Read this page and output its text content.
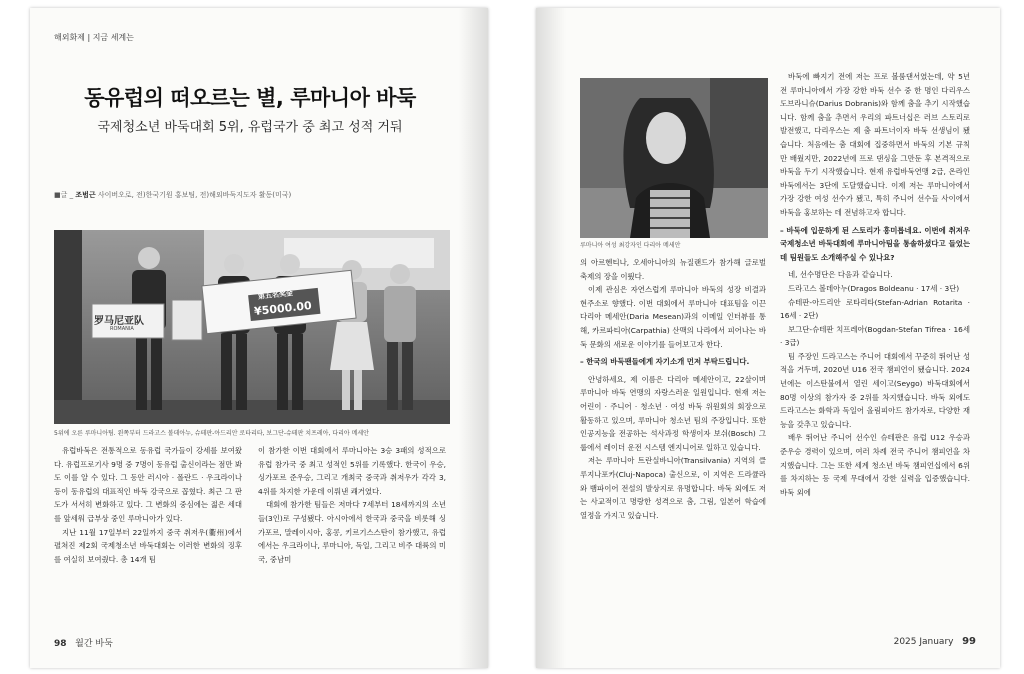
해외화제 | 지금 세계는
동유럽의 떠오르는 별, 루마니아 바둑
국제청소년 바둑대회 5위, 유럽국가 중 최고 성적 거둬
■글 _ 조범근 사이버오로, 전)한국기원 홍보팀, 전)해외바둑지도자 활동(미국)
罗马尼亚队
ROMANIA
第五名奖金
¥5000.00
5위에 오른 루마니아팀. 왼쪽부터 드라고스 볼데아누, 슈테판-아드리안 로타리타, 보그단-슈테판 치프레아, 다리아 메세안

유럽바둑은 전통적으로 동유럽 국가들이 강세를 보여왔다. 유럽프로기사 9명 중 7명이 동유럽 출신이라는 점만 봐도 이를 알 수 있다. 그 동안 러시아 · 폴란드 · 우크라이나 등이 동유럽의 대표적인 바둑 강국으로 꼽혔다. 최근 그 판도가 서서히 변화하고 있다. 그 변화의 중심에는 젊은 세대를 앞세워 급부상 중인 루마니아가 있다.

지난 11월 17일부터 22일까지 중국 취저우(衢州)에서 펼쳐진 제2회 국제청소년 바둑대회는 이러한 변화의 징후를 여실히 보여줬다. 총 14개 팀

이 참가한 이번 대회에서 루마니아는 3승 3패의 성적으로 유럽 참가국 중 최고 성적인 5위를 기록했다. 한국이 우승, 싱가포르 준우승, 그리고 개최국 중국과 취저우가 각각 3, 4위를 차지한 가운데 이뤄낸 쾌거였다.

대회에 참가한 팀들은 저마다 7세부터 18세까지의 소년들(3인)로 구성됐다. 아시아에서 한국과 중국을 비롯해 싱가포르, 말레이시아, 홍콩, 키르기스스탄이 참가했고, 유럽에서는 우크라이나, 루마니아, 독일, 그리고 비주 대륙의 미국, 중남미

98 월간 바둑
루마니아 여성 최강자인 다리아 메세안

의 아르헨티나, 오세아니아의 뉴질랜드가 참가해 글로벌 축제의 장을 이뤘다.

이제 관심은 자연스럽게 루마니아 바둑의 성장 비결과 현주소로 향했다. 이번 대회에서 루마니아 대표팀을 이끈 다리아 메세안(Daria Mesean)과의 이메일 인터뷰를 통해, 카르파티아(Carpathia) 산맥의 나라에서 피어나는 바둑 문화의 새로운 이야기를 들어보고자 한다.

– 한국의 바둑팬들에게 자기소개 먼저 부탁드립니다.

안녕하세요, 제 이름은 다리아 메세안이고, 22살이며 루마니아 바둑 연맹의 자랑스러운 일원입니다. 현재 저는 어린이 · 주니어 · 청소년 · 여성 바둑 위원회의 회장으로 활동하고 있으며, 루마니아 청소년 팀의 주장입니다. 또한 인공지능을 전공하는 석사과정 학생이자 보쉬(Bosch) 그룹에서 레이더 운전 시스템 엔지니어로 일하고 있습니다.

저는 루마니아 트란실바니아(Transilvania) 지역의 클루지나포카(Cluj-Napoca) 출신으로, 이 지역은 드라큘라와 뱀파이어 전설의 발상지로 유명합니다. 바둑 외에도 저는 사교적이고 명랑한 성격으로 춤, 그림, 일본어 학습에 열정을 가지고 있습니다.

바둑에 빠지기 전에 저는 프로 볼룸댄서였는데, 약 5년 전 루마니아에서 가장 강한 바둑 선수 중 한 명인 다리우스 도브라니슈(Darius Dobranis)와 함께 춤을 추기 시작했습니다. 함께 춤을 추면서 우리의 파트너십은 러브 스토리로 발전했고, 다리우스는 제 춤 파트너이자 바둑 선생님이 됐습니다. 처음에는 춤 대회에 집중하면서 바둑의 기본 규칙만 배웠지만, 2022년에 프로 댄싱을 그만둔 후 본격적으로 바둑을 두기 시작했습니다. 현재 유럽바둑연맹 2급, 온라인 바둑에서는 3단에 도달했습니다. 이제 저는 루마니아에서 가장 강한 여성 선수가 됐고, 특히 주니어 선수들 사이에서 바둑을 홍보하는 데 전념하고자 합니다.

– 바둑에 입문하게 된 스토리가 흥미롭네요. 이번에 취저우 국제청소년 바둑대회에 루마니아팀을 통솔하셨다고 들었는데 팀원들도 소개해주실 수 있나요?

네, 선수명단은 다음과 같습니다.

드라고스 볼데아누(Dragos Boldeanu · 17세 · 3단)

슈테판-아드리안 로타리타(Stefan-Adrian Rotarita · 16세 · 2단)

보그단-슈테판 치프레아(Bogdan-Stefan Tifrea · 16세 · 3급)

팀 주장인 드라고스는 주니어 대회에서 꾸준히 뛰어난 성적을 거두며, 2020년 U16 전국 챔피언이 됐습니다. 2024년에는 이스탄불에서 열린 세이고(Seygo) 바둑대회에서 80명 이상의 참가자 중 2위를 차지했습니다. 바둑 외에도 드라고스는 화학과 독일어 올림피아드 참가자로, 다양한 재능을 갖추고 있습니다.

배우 뛰어난 주니어 선수인 슈테판은 유럽 U12 우승과 준우승 경력이 있으며, 여러 차례 전국 주니어 챔피언을 차지했습니다. 그는 또한 세계 청소년 바둑 챔피언십에서 6위를 차지하는 등 국제 무대에서 강한 실력을 입증했습니다. 바둑 외에

2025 January 99
